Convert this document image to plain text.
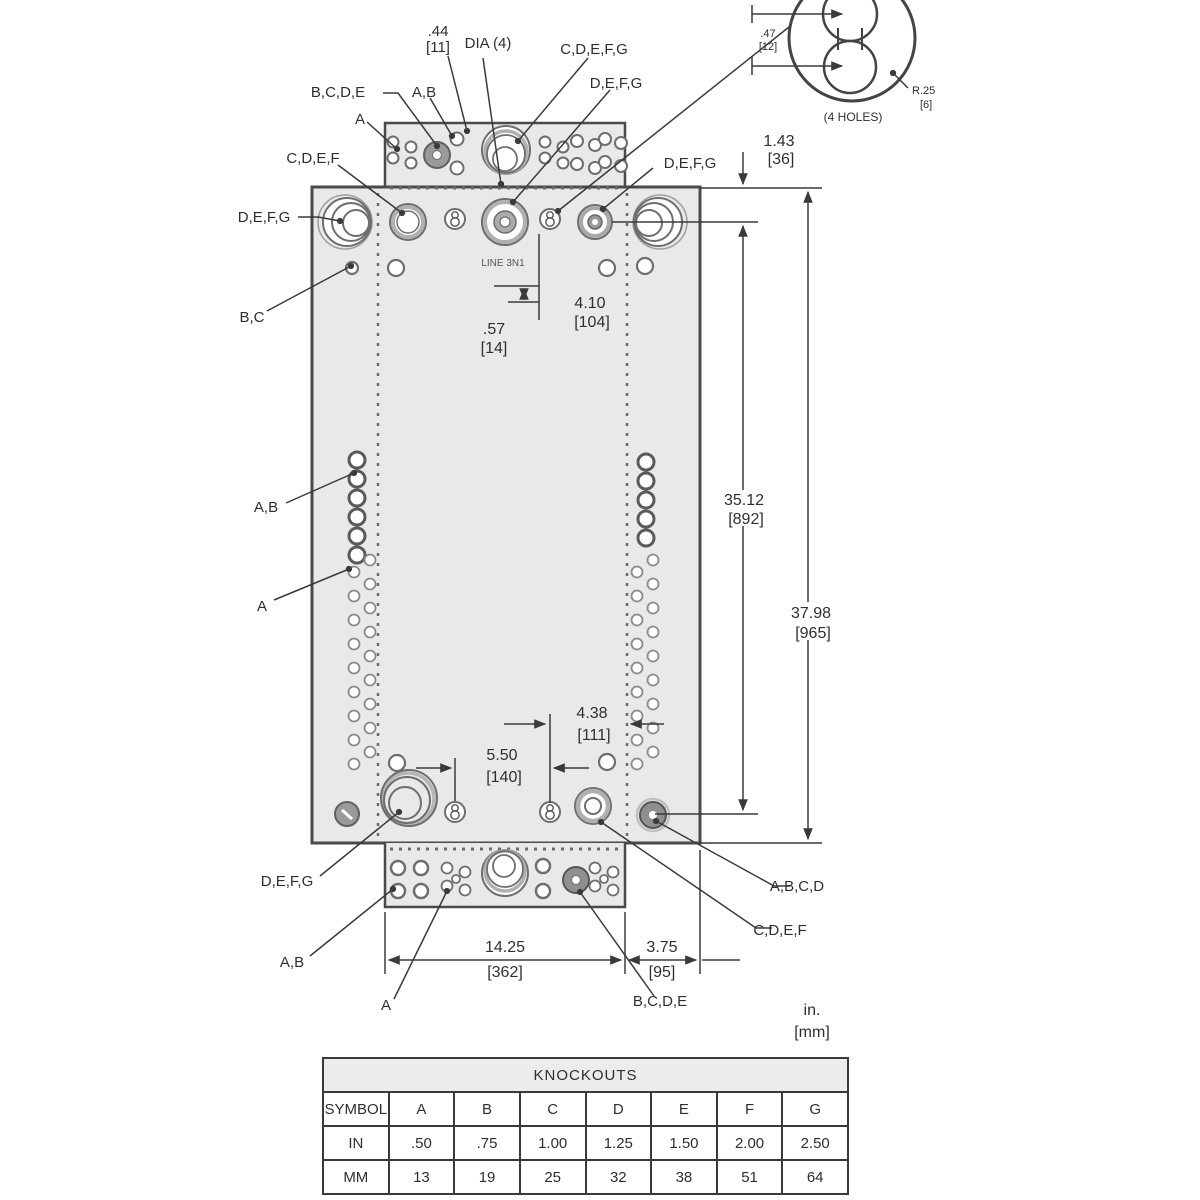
LINE 3N1
.47
[12]
R.25
[6]
(4 HOLES)
1.43
[36]
35.12
[892]
37.98
[965]
4.10
[104]
.57
[14]
4.38
[111]
5.50
[140]
14.25
[362]
3.75
[95]
in.
[mm]
.44
[11] DIA (4)	C,D,E,F,G
D,E,F,G
D,E,F,G
B,C,D,E	A,B
A
C,D,E,F
D,E,F,G
B,C
A,B
A
D,E,F,G
A,B
A	B,C,D,E
A,B,C,D
C,D,E,F
KNOCKOUTS							
SYMBOL	A	B	C	D	E	F	G
IN	.50	.75	1.00	1.25	1.50	2.00	2.50
MM	13	19	25	32	38	51	64
